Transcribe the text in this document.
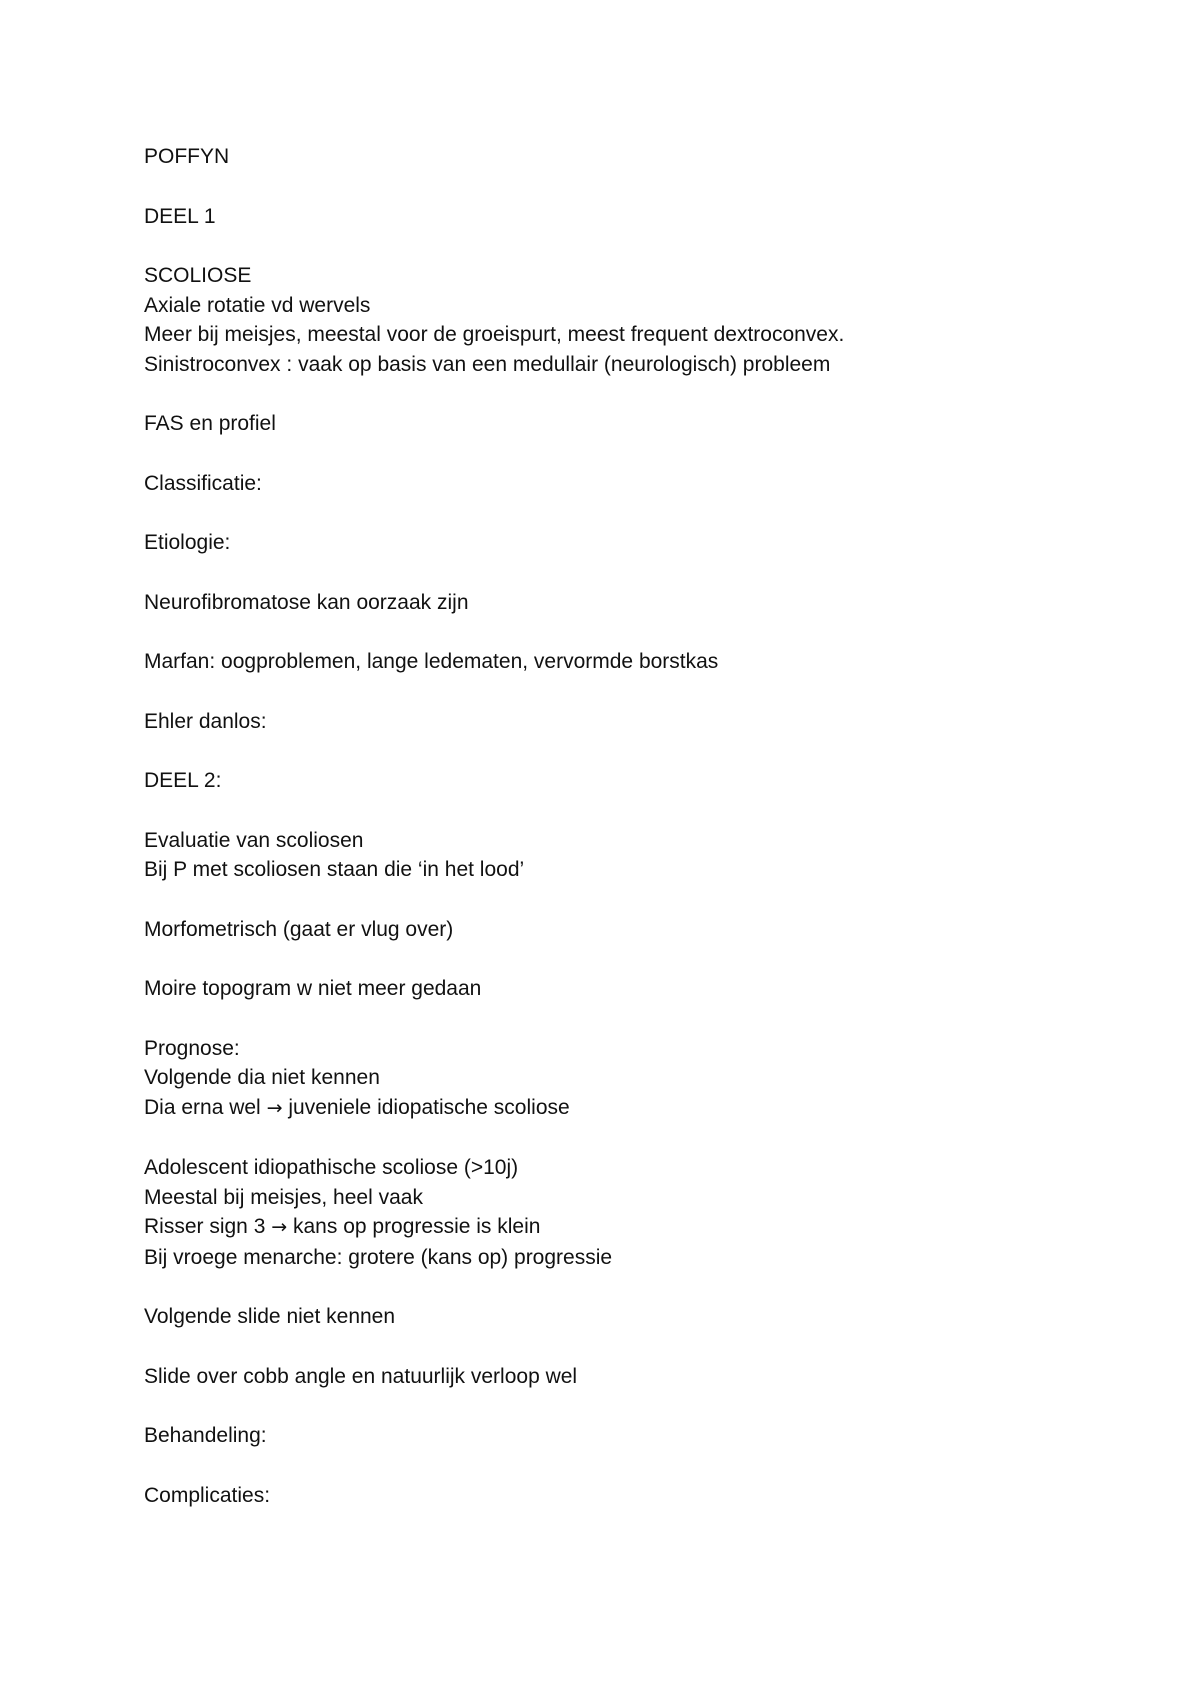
POFFYN

DEEL 1

SCOLIOSE
Axiale rotatie vd wervels
Meer bij meisjes, meestal voor de groeispurt, meest frequent dextroconvex.
Sinistroconvex : vaak op basis van een medullair (neurologisch) probleem

FAS en profiel

Classificatie:

Etiologie:

Neurofibromatose kan oorzaak zijn

Marfan: oogproblemen, lange ledematen, vervormde borstkas

Ehler danlos:

DEEL 2:

Evaluatie van scoliosen
Bij P met scoliosen staan die ‘in het lood’

Morfometrisch (gaat er vlug over)

Moire topogram w niet meer gedaan

Prognose:
Volgende dia niet kennen
Dia erna wel → juveniele idiopatische scoliose

Adolescent idiopathische scoliose (>10j)
Meestal bij meisjes, heel vaak
Risser sign 3 → kans op progressie is klein
Bij vroege menarche: grotere (kans op) progressie

Volgende slide niet kennen

Slide over cobb angle en natuurlijk verloop wel

Behandeling:

Complicaties:
